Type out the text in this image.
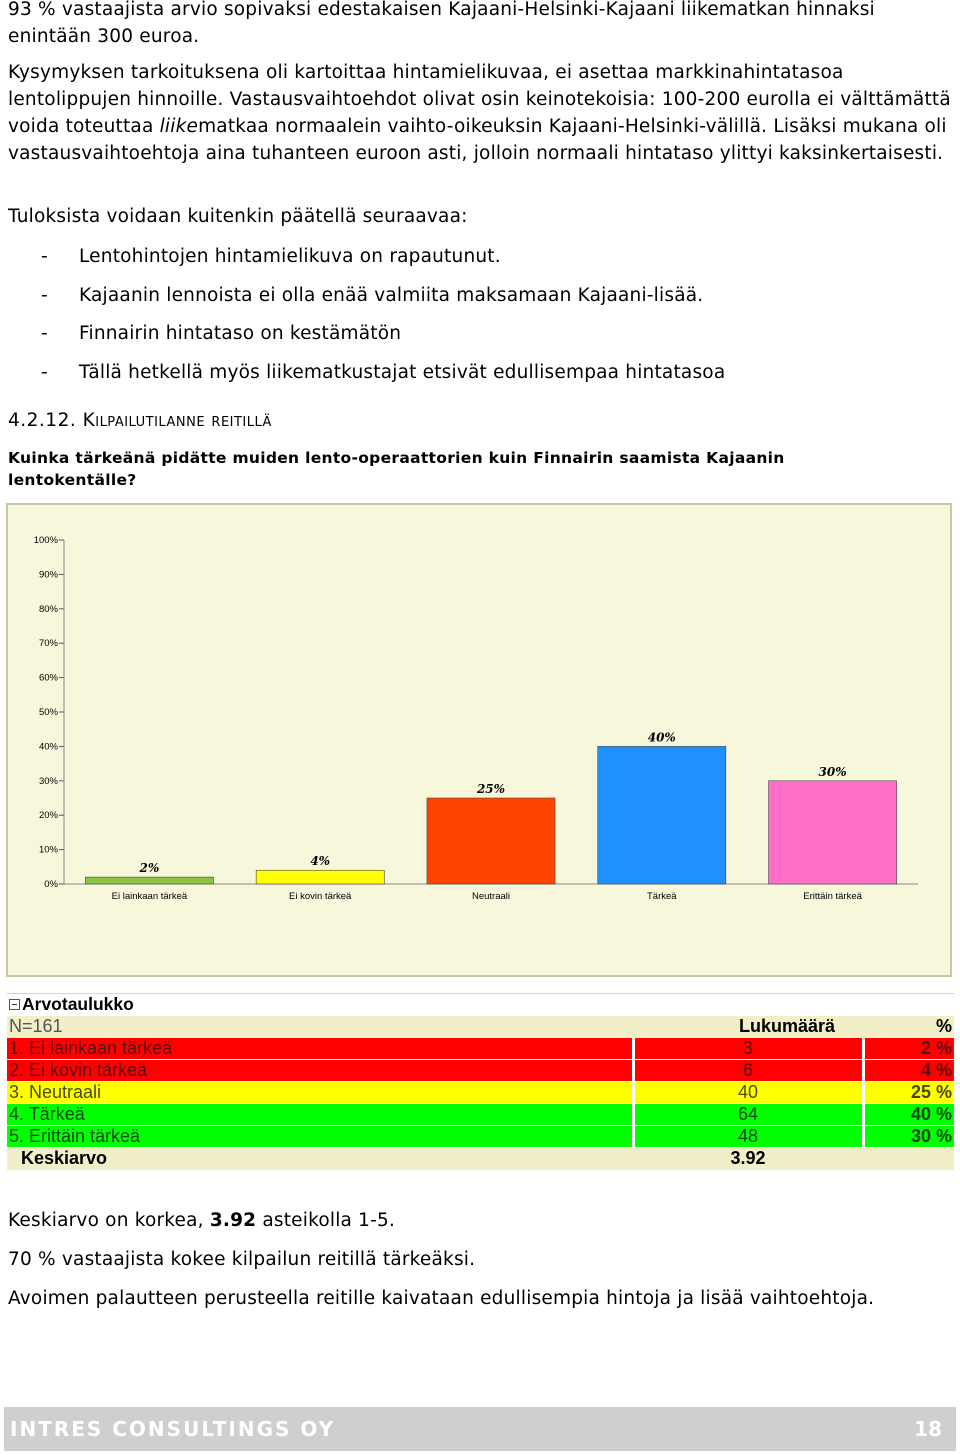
93 % vastaajista arvio sopivaksi edestakaisen Kajaani-Helsinki-Kajaani liikematkan hinnaksi enintään 300 euroa.

Kysymyksen tarkoituksena oli kartoittaa hintamielikuvaa, ei asettaa markkinahintatasoa lentolippujen hinnoille. Vastausvaihtoehdot olivat osin keinotekoisia: 100-200 eurolla ei välttämättä voida toteuttaa liikematkaa normaalein vaihto-oikeuksin Kajaani-Helsinki-välillä. Lisäksi mukana oli vastausvaihtoehtoja aina tuhanteen euroon asti, jolloin normaali hintataso ylittyi kaksinkertaisesti.

Tuloksista voidaan kuitenkin päätellä seuraavaa:

- Lentohintojen hintamielikuva on rapautunut.
- Kajaanin lennoista ei olla enää valmiita maksamaan Kajaani-lisää.
- Finnairin hintataso on kestämätön
- Tällä hetkellä myös liikematkustajat etsivät edullisempaa hintatasoa
4.2.12. Kilpailutilanne reitillä
Kuinka tärkeänä pidätte muiden lento-operaattorien kuin Finnairin saamista Kajaanin lentokentälle?
100%
90%
80%
70%
60%
50%
40%
30%
20%
10%
0%
2%
Ei lainkaan tärkeä
4%
Ei kovin tärkeä
25%
Neutraali
40%
Tärkeä
30%
Erittäin tärkeä
Arvotaulukko		
N=161	Lukumäärä	%
1. Ei lainkaan tärkeä	3	2 %
2. Ei kovin tärkeä	6	4 %
3. Neutraali	40	25 %
4. Tärkeä	64	40 %
5. Erittäin tärkeä	48	30 %
Keskiarvo	3.92	

Keskiarvo on korkea, 3.92 asteikolla 1-5.

70 % vastaajista kokee kilpailun reitillä tärkeäksi.

Avoimen palautteen perusteella reitille kaivataan edullisempia hintoja ja lisää vaihtoehtoja.

INTRES CONSULTINGS OY	18
